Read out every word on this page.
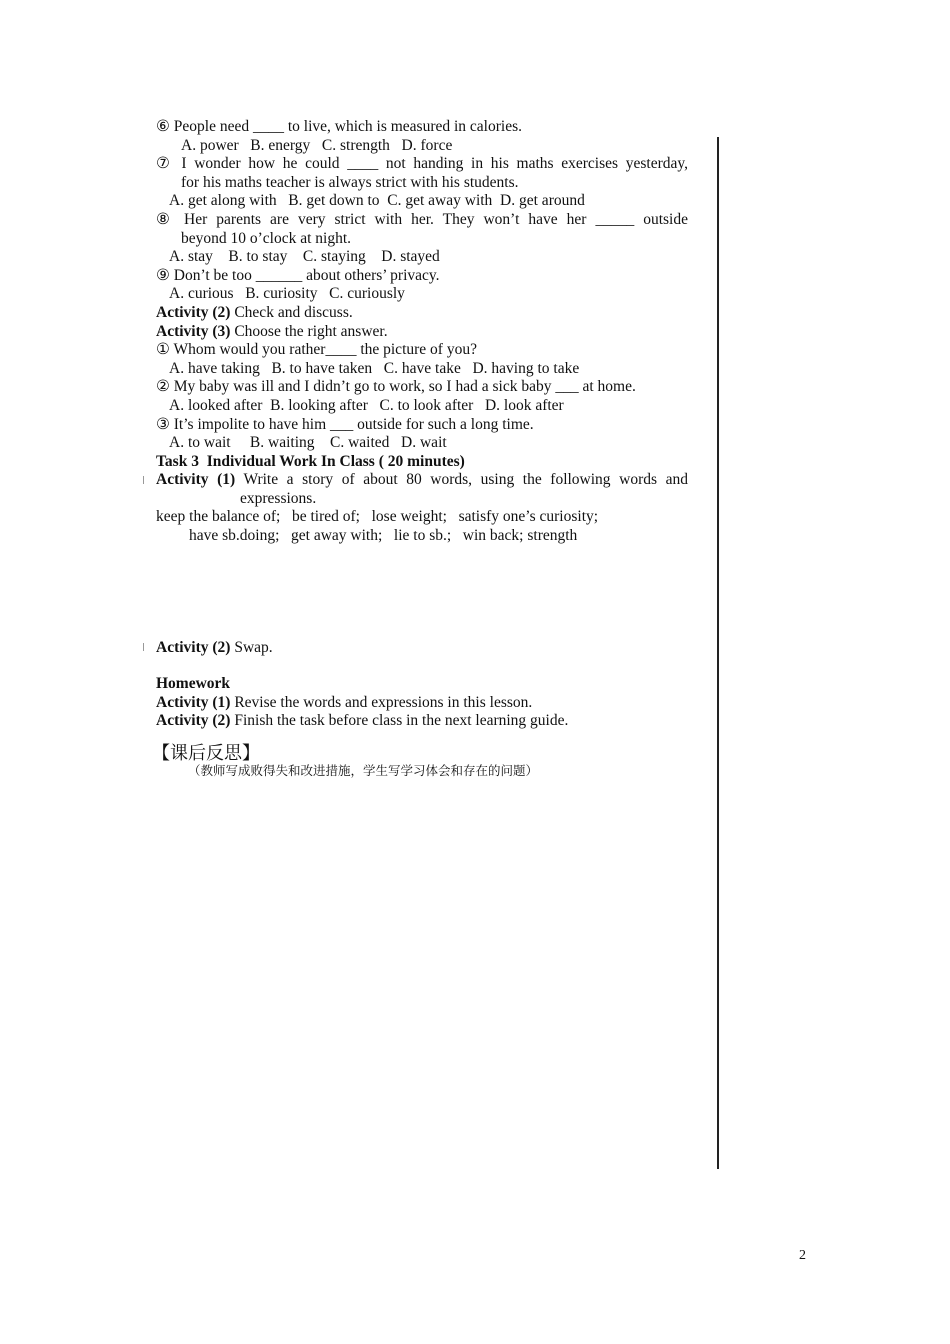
⑥ People need ____ to live, which is measured in calories.
A. power   B. energy   C. strength   D. force
⑦ I wonder how he could ____ not handing in his maths exercises yesterday,
for his maths teacher is always strict with his students.
A. get along with   B. get down to  C. get away with  D. get around
⑧ Her parents are very strict with her. They won’t have her _____ outside
beyond 10 o’clock at night.
A. stay    B. to stay    C. staying    D. stayed
⑨ Don’t be too ______ about others’ privacy.
A. curious   B. curiosity   C. curiously
Activity (2) Check and discuss.
Activity (3) Choose the right answer.
① Whom would you rather____ the picture of you?
A. have taking   B. to have taken   C. have take   D. having to take
② My baby was ill and I didn’t go to work, so I had a sick baby ___ at home.
A. looked after  B. looking after   C. to look after   D. look after
③ It’s impolite to have him ___ outside for such a long time.
A. to wait     B. waiting    C. waited   D. wait
Task 3  Individual Work In Class ( 20 minutes)
Activity (1) Write a story of about 80 words, using the following words and
expressions.
keep the balance of;   be tired of;   lose weight;   satisfy one’s curiosity;
have sb.doing;   get away with;   lie to sb.;   win back; strength
Activity (2) Swap.
Homework
Activity (1) Revise the words and expressions in this lesson.
Activity (2) Finish the task before class in the next learning guide.
【课后反思】
（教师写成败得失和改进措施，学生写学习体会和存在的问题）
2
